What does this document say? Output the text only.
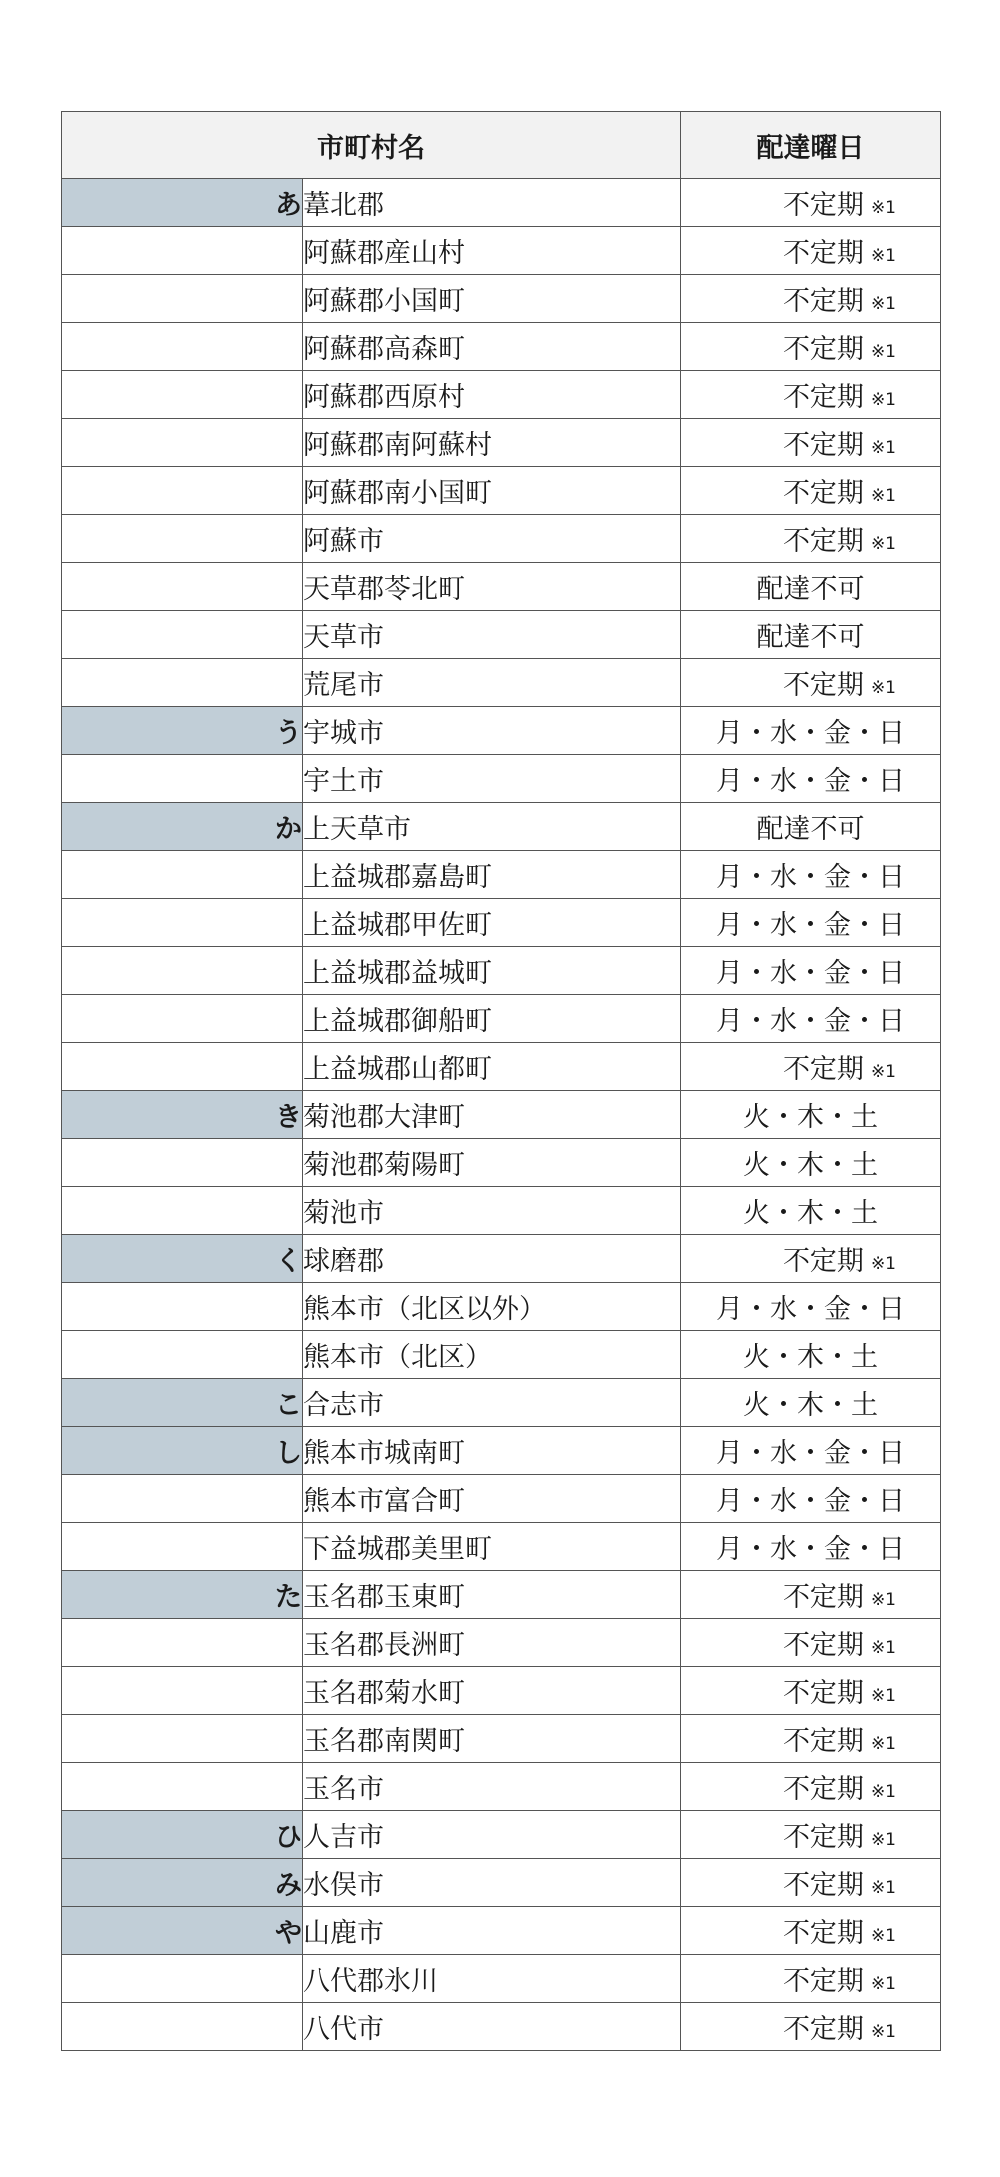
市町村名		配達曜日
あ	葦北郡	不定期 ※1
	阿蘇郡産山村	不定期 ※1
	阿蘇郡小国町	不定期 ※1
	阿蘇郡高森町	不定期 ※1
	阿蘇郡西原村	不定期 ※1
	阿蘇郡南阿蘇村	不定期 ※1
	阿蘇郡南小国町	不定期 ※1
	阿蘇市	不定期 ※1
	天草郡苓北町	配達不可
	天草市	配達不可
	荒尾市	不定期 ※1
う	宇城市	月・水・金・日
	宇土市	月・水・金・日
か	上天草市	配達不可
	上益城郡嘉島町	月・水・金・日
	上益城郡甲佐町	月・水・金・日
	上益城郡益城町	月・水・金・日
	上益城郡御船町	月・水・金・日
	上益城郡山都町	不定期 ※1
き	菊池郡大津町	火・木・土
	菊池郡菊陽町	火・木・土
	菊池市	火・木・土
く	球磨郡	不定期 ※1
	熊本市（北区以外）	月・水・金・日
	熊本市（北区）	火・木・土
こ	合志市	火・木・土
し	熊本市城南町	月・水・金・日
	熊本市富合町	月・水・金・日
	下益城郡美里町	月・水・金・日
た	玉名郡玉東町	不定期 ※1
	玉名郡長洲町	不定期 ※1
	玉名郡菊水町	不定期 ※1
	玉名郡南関町	不定期 ※1
	玉名市	不定期 ※1
ひ	人吉市	不定期 ※1
み	水俣市	不定期 ※1
や	山鹿市	不定期 ※1
	八代郡氷川	不定期 ※1
	八代市	不定期 ※1
